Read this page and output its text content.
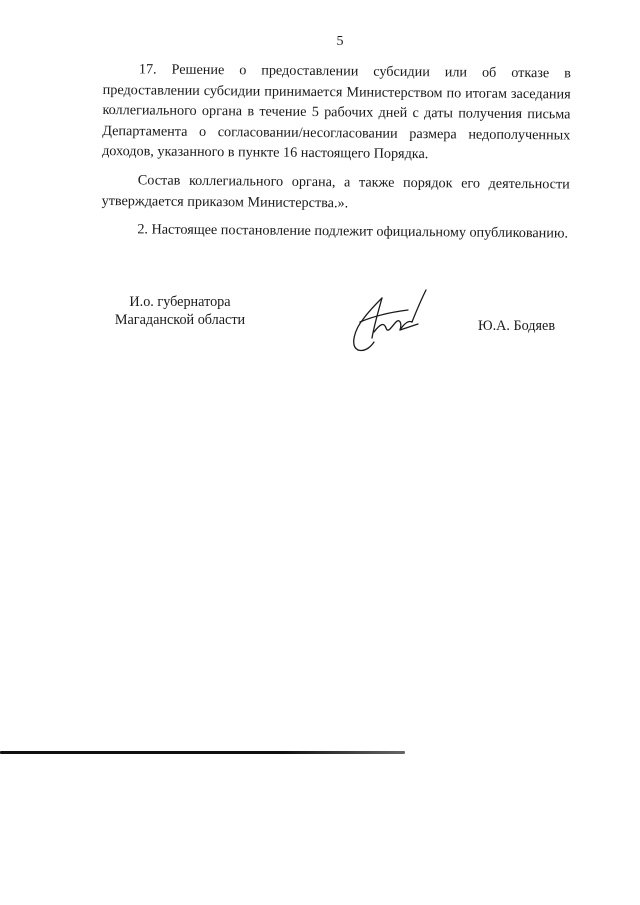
5

17. Решение о предоставлении субсидии или об отказе в предоставлении субсидии принимается Министерством по итогам заседания коллегиального органа в течение 5 рабочих дней с даты получения письма Департамента о согласовании/несогласовании размера недополученных доходов, указанного в пункте 16 настоящего Порядка.

Состав коллегиального органа, а также порядок его деятельности утверждается приказом Министерства.».

2. Настоящее постановление подлежит официальному опубликованию.

И.о. губернатора
Магаданской области	Ю.А. Бодяев
